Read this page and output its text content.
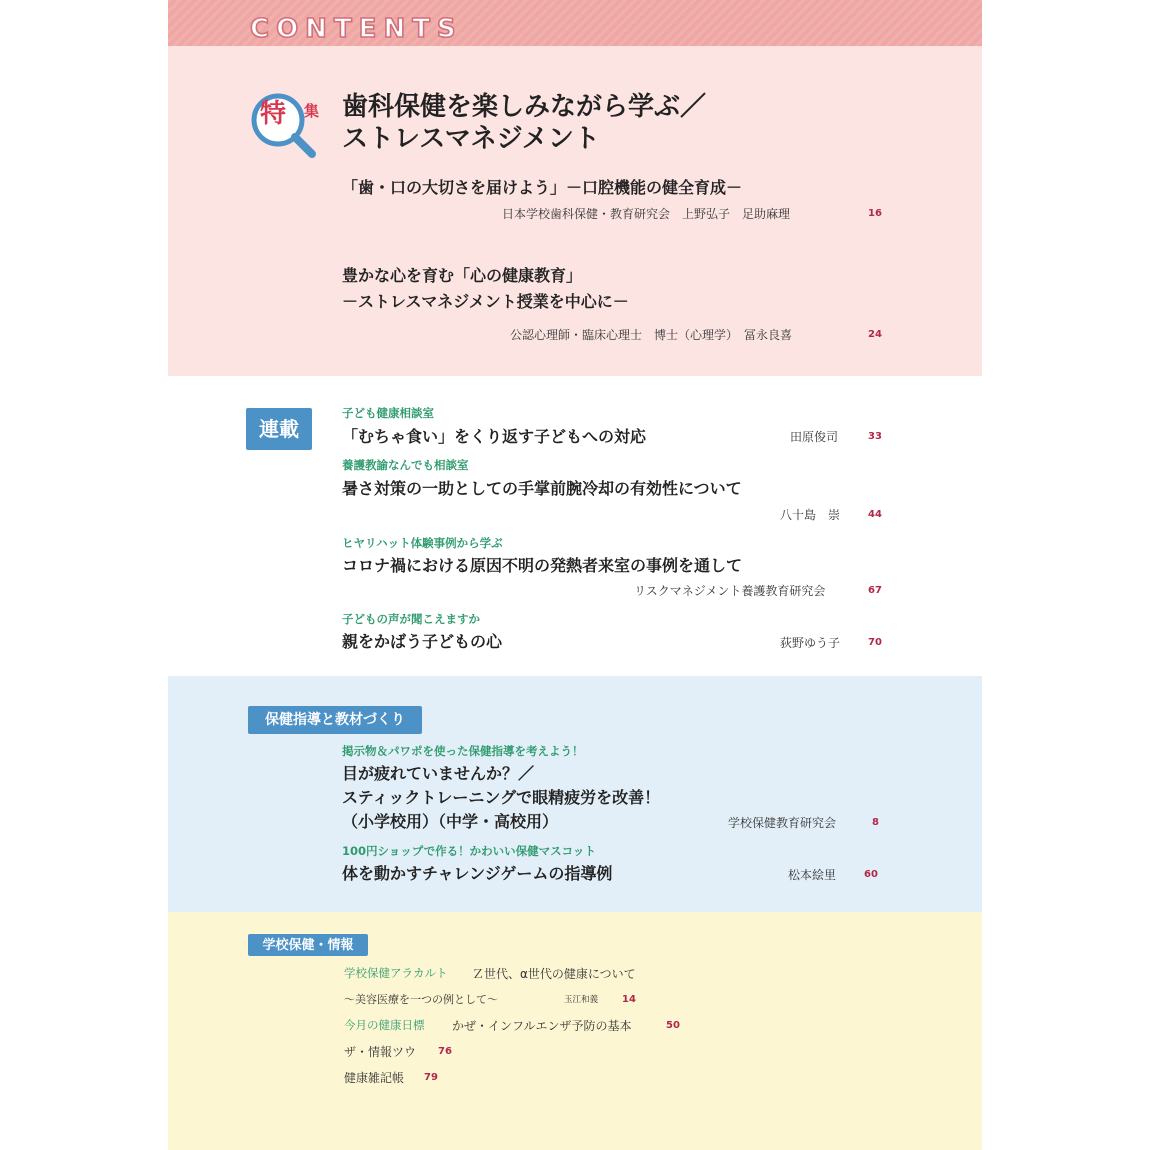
CONTENTS
特 集 歯科保健を楽しみながら学ぶ／
ストレスマネジメント
「歯・口の大切さを届けよう」－口腔機能の健全育成－
日本学校歯科保健・教育研究会　上野弘子　足助麻理	16
豊かな心を育む「心の健康教育」
－ストレスマネジメント授業を中心に－
公認心理師・臨床心理士　博士（心理学）　冨永良喜	24
連載
子ども健康相談室
「むちゃ食い」をくり返す子どもへの対応	田原俊司	33
養護教諭なんでも相談室
暑さ対策の一助としての手掌前腕冷却の有効性について
八十島　崇	44
ヒヤリハット体験事例から学ぶ
コロナ禍における原因不明の発熱者来室の事例を通して
リスクマネジメント養護教育研究会	67
子どもの声が聞こえますか
親をかばう子どもの心	荻野ゆう子	70
保健指導と教材づくり
掲示物＆パワポを使った保健指導を考えよう！
目が疲れていませんか？／
スティックトレーニングで眼精疲労を改善！
（小学校用）（中学・高校用）	学校保健教育研究会	8
100円ショップで作る！かわいい保健マスコット
体を動かすチャレンジゲームの指導例	松本絵里	60
学校保健・情報
学校保健アラカルト Ｚ世代、α世代の健康について
～美容医療を一つの例として～	玉江和義 14
今月の健康日標 かぜ・インフルエンザ予防の基本	50
ザ・情報ツウ 76
健康雑記帳 79
